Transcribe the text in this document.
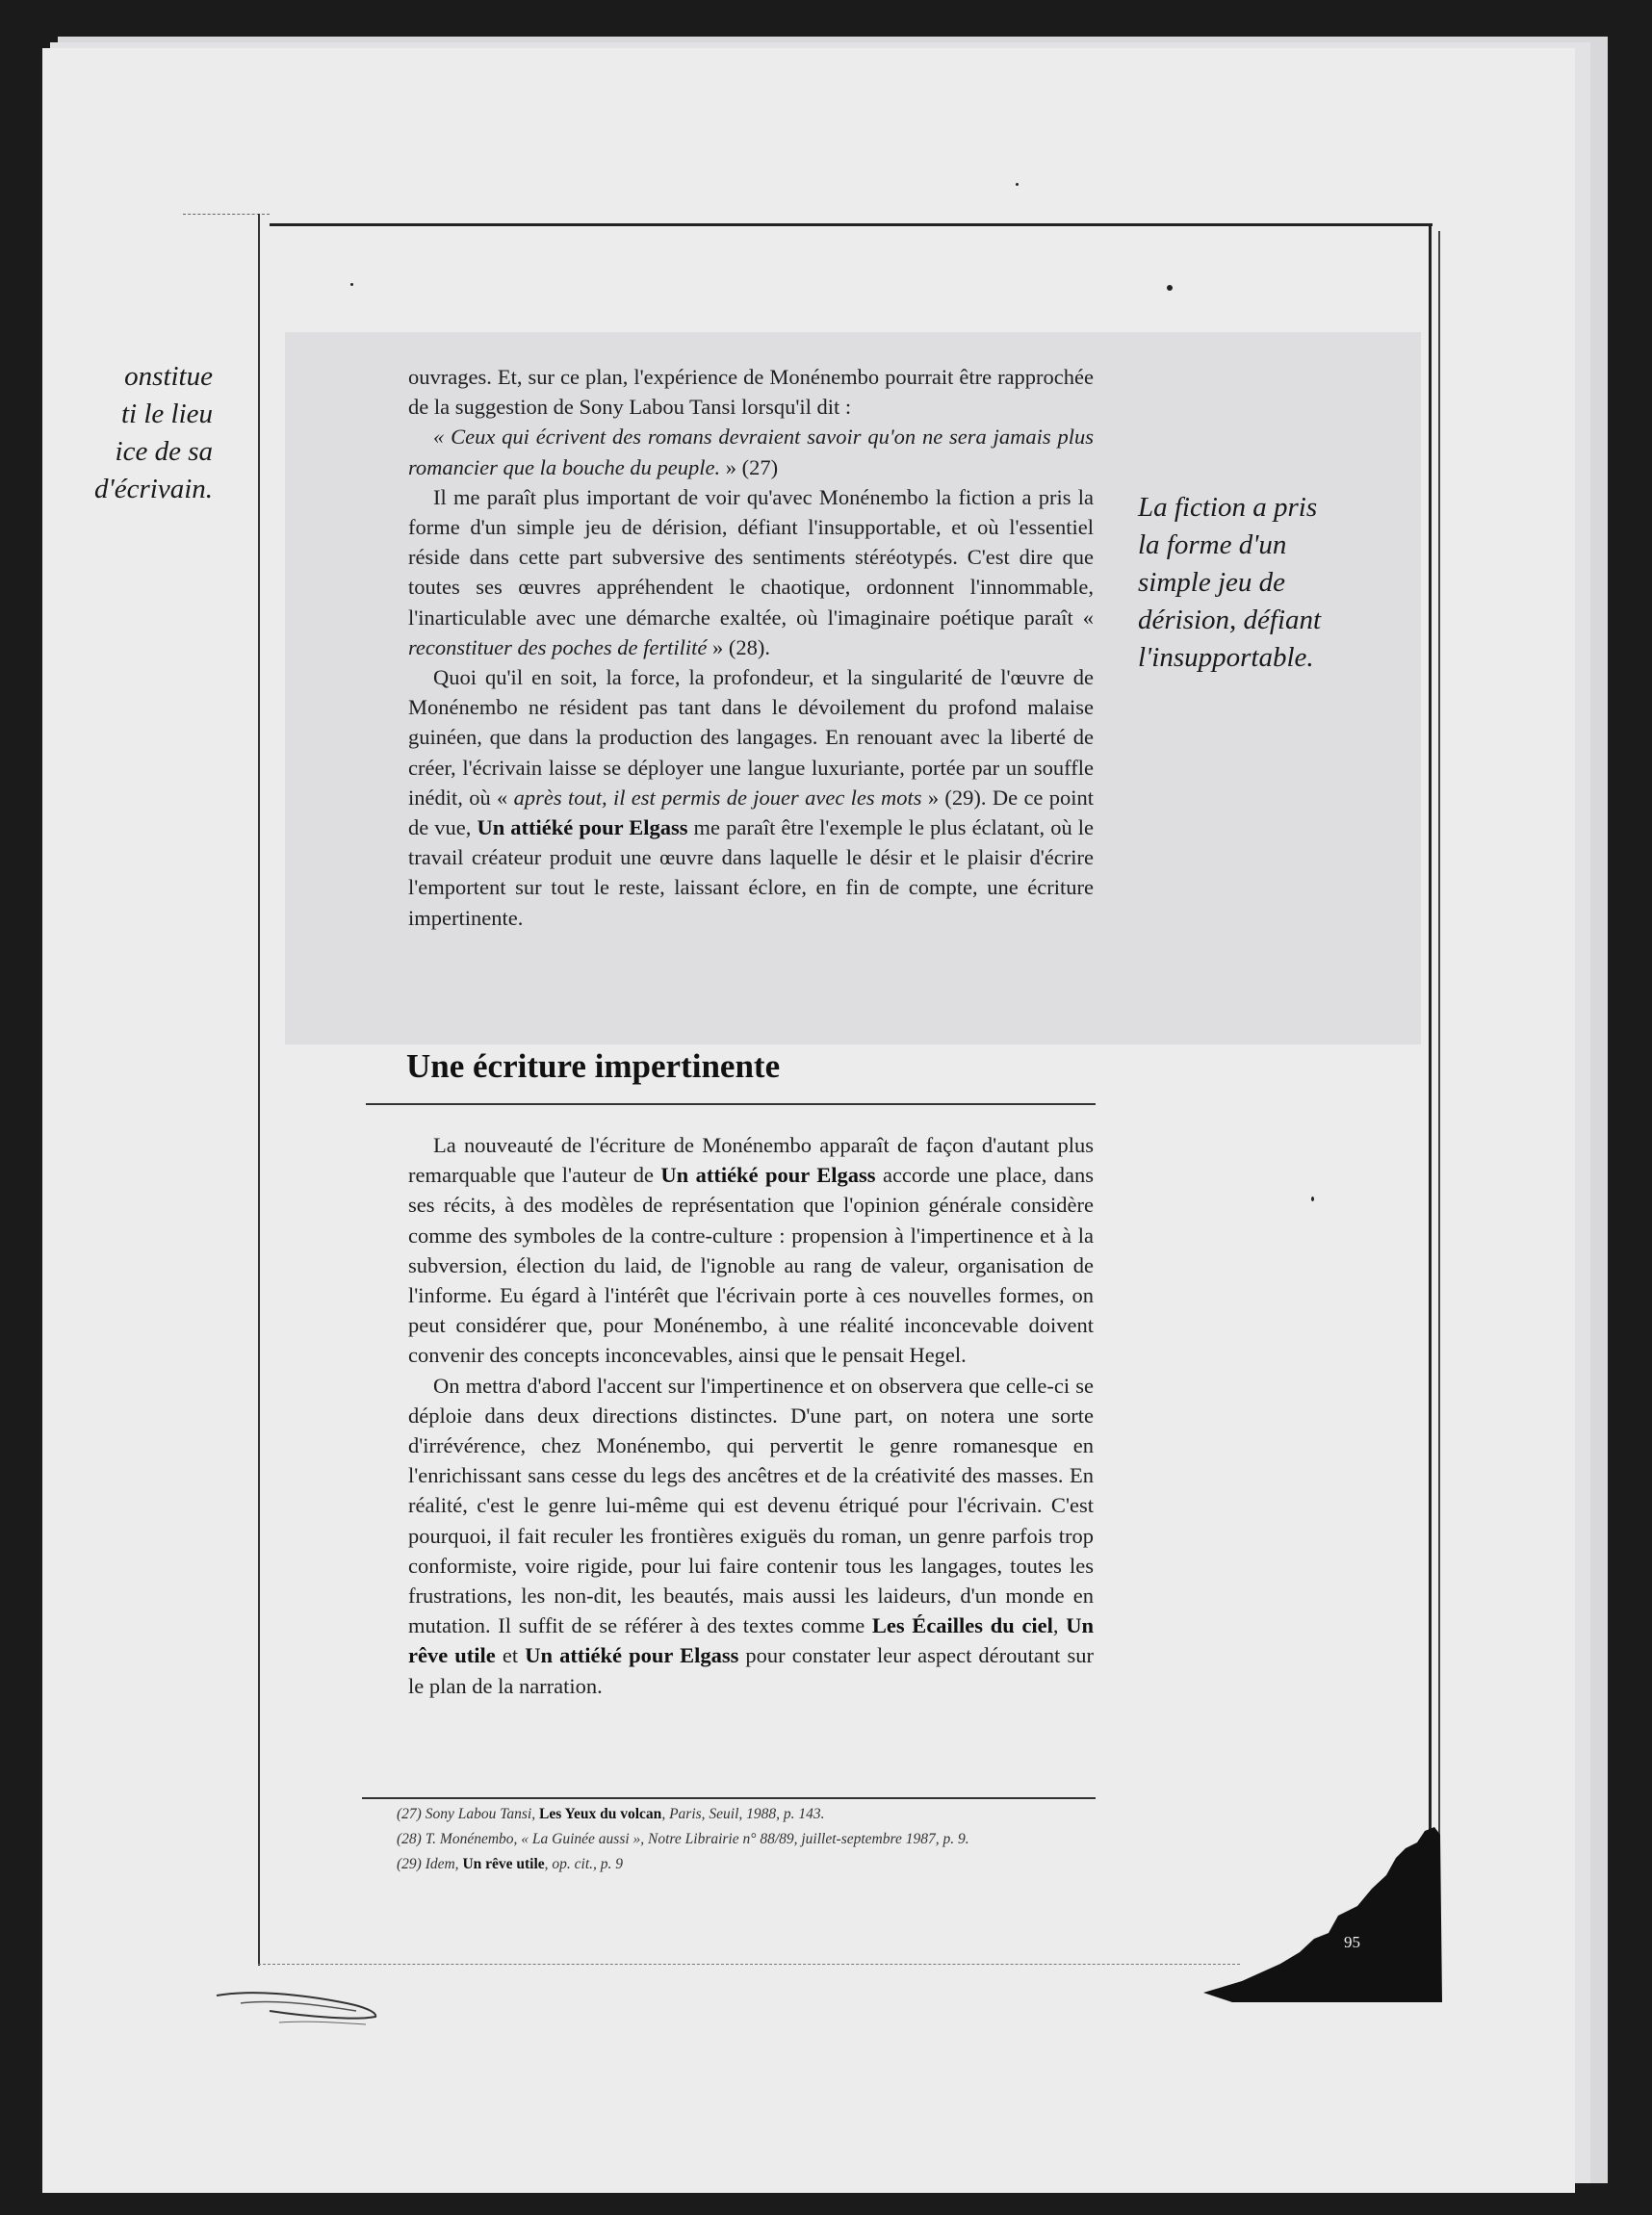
onstitue
ti le lieu
ice de sa
d'écrivain.
La fiction a pris
la forme d'un
simple jeu de
dérision, défiant
l'insupportable.

ouvrages. Et, sur ce plan, l'expérience de Monénembo pourrait être rapprochée de la suggestion de Sony Labou Tansi lorsqu'il dit :

« Ceux qui écrivent des romans devraient savoir qu'on ne sera jamais plus romancier que la bouche du peuple. » (27)

Il me paraît plus important de voir qu'avec Monénembo la fiction a pris la forme d'un simple jeu de dérision, défiant l'insupportable, et où l'essentiel réside dans cette part subversive des sentiments stéréotypés. C'est dire que toutes ses œuvres appréhendent le chaotique, ordonnent l'innommable, l'inarticulable avec une démarche exaltée, où l'imaginaire poétique paraît « reconstituer des poches de fertilité » (28).

Quoi qu'il en soit, la force, la profondeur, et la singularité de l'œuvre de Monénembo ne résident pas tant dans le dévoilement du profond malaise guinéen, que dans la production des langages. En renouant avec la liberté de créer, l'écrivain laisse se déployer une langue luxuriante, portée par un souffle inédit, où « après tout, il est permis de jouer avec les mots » (29). De ce point de vue, Un attiéké pour Elgass me paraît être l'exemple le plus éclatant, où le travail créateur produit une œuvre dans laquelle le désir et le plaisir d'écrire l'emportent sur tout le reste, laissant éclore, en fin de compte, une écriture impertinente.

Une écriture impertinente

La nouveauté de l'écriture de Monénembo apparaît de façon d'autant plus remarquable que l'auteur de Un attiéké pour Elgass accorde une place, dans ses récits, à des modèles de représentation que l'opinion générale considère comme des symboles de la contre-culture : propension à l'impertinence et à la subversion, élection du laid, de l'ignoble au rang de valeur, organisation de l'informe. Eu égard à l'intérêt que l'écrivain porte à ces nouvelles formes, on peut considérer que, pour Monénembo, à une réalité inconcevable doivent convenir des concepts inconcevables, ainsi que le pensait Hegel.

On mettra d'abord l'accent sur l'impertinence et on observera que celle-ci se déploie dans deux directions distinctes. D'une part, on notera une sorte d'irrévérence, chez Monénembo, qui pervertit le genre romanesque en l'enrichissant sans cesse du legs des ancêtres et de la créativité des masses. En réalité, c'est le genre lui-même qui est devenu étriqué pour l'écrivain. C'est pourquoi, il fait reculer les frontières exiguës du roman, un genre parfois trop conformiste, voire rigide, pour lui faire contenir tous les langages, toutes les frustrations, les non-dit, les beautés, mais aussi les laideurs, d'un monde en mutation. Il suffit de se référer à des textes comme Les Écailles du ciel, Un rêve utile et Un attiéké pour Elgass pour constater leur aspect déroutant sur le plan de la narration.

(27) Sony Labou Tansi, Les Yeux du volcan, Paris, Seuil, 1988, p. 143.
(28) T. Monénembo, « La Guinée aussi », Notre Librairie n° 88/89, juillet-septembre 1987, p. 9.
(29) Idem, Un rêve utile, op. cit., p. 9
95
